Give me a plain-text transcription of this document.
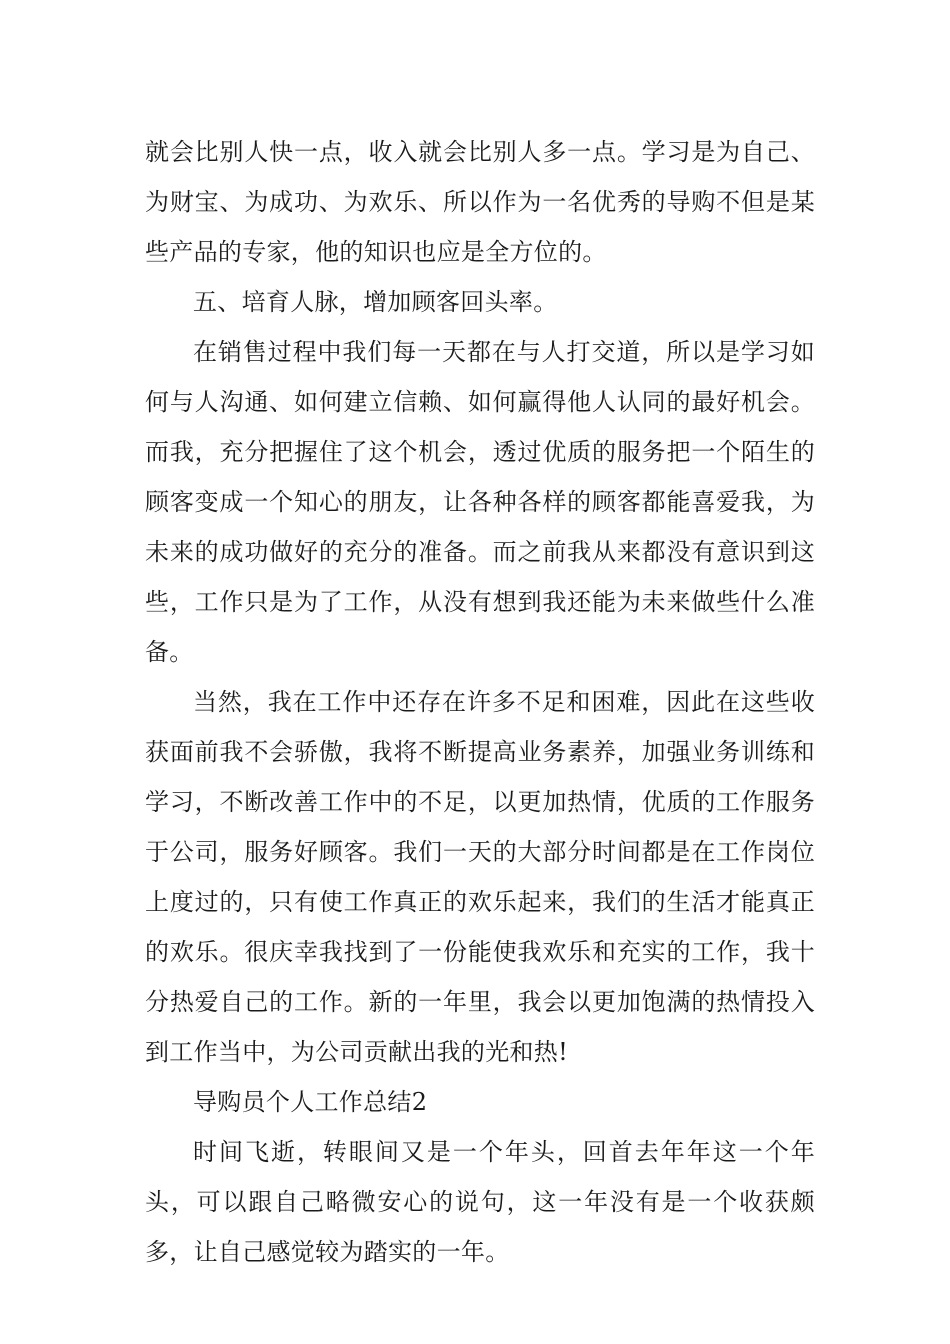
就会比别人快一点，收入就会比别人多一点。学习是为自己、为财宝、为成功、为欢乐、所以作为一名优秀的导购不但是某些产品的专家，他的知识也应是全方位的。

五、培育人脉，增加顾客回头率。

在销售过程中我们每一天都在与人打交道，所以是学习如何与人沟通、如何建立信赖、如何赢得他人认同的最好机会。而我，充分把握住了这个机会，透过优质的服务把一个陌生的顾客变成一个知心的朋友，让各种各样的顾客都能喜爱我，为未来的成功做好的充分的准备。而之前我从来都没有意识到这些，工作只是为了工作，从没有想到我还能为未来做些什么准备。

当然，我在工作中还存在许多不足和困难，因此在这些收获面前我不会骄傲，我将不断提高业务素养，加强业务训练和学习，不断改善工作中的不足，以更加热情，优质的工作服务于公司，服务好顾客。我们一天的大部分时间都是在工作岗位上度过的，只有使工作真正的欢乐起来，我们的生活才能真正的欢乐。很庆幸我找到了一份能使我欢乐和充实的工作，我十分热爱自己的工作。新的一年里，我会以更加饱满的热情投入到工作当中，为公司贡献出我的光和热!

导购员个人工作总结2

时间飞逝，转眼间又是一个年头，回首去年年这一个年头，可以跟自己略微安心的说句，这一年没有是一个收获颇多，让自己感觉较为踏实的一年。
